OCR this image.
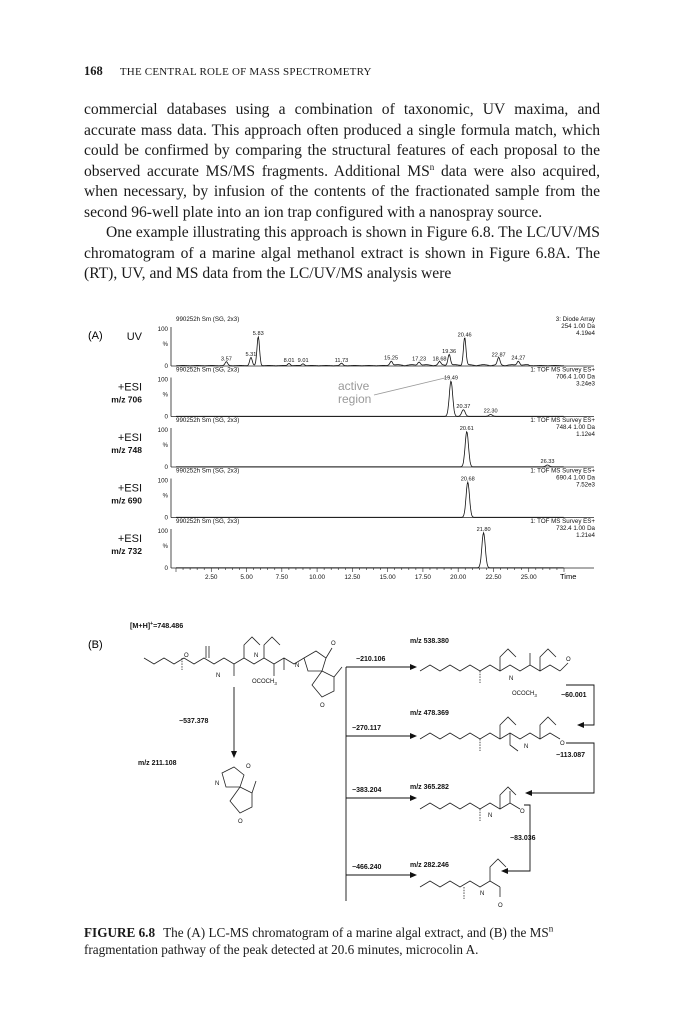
168 THE CENTRAL ROLE OF MASS SPECTROMETRY

commercial databases using a combination of taxonomic, UV maxima, and accurate mass data. This approach often produced a single formula match, which could be confirmed by comparing the structural features of each proposal to the observed accurate MS/MS fragments. Additional $MS^n$ data were also acquired, when necessary, by infusion of the contents of the fractionated sample from the second 96-well plate into an ion trap configured with a nanospray source.

One example illustrating this approach is shown in Figure 6.8. The LC/UV/MS chromatogram of a marine algal methanol extract is shown in Figure 6.8A. The (RT), UV, and MS data from the LC/UV/MS analysis were

(A)
(B)
990252h Sm (SG, 2x3)	3: Diode Array
254 1.00 Da
4.19e4
UV
100
%
0
3.57
5.31
5.83
8.01 9.01	11.73	15.25 17.23 18.68
19.36
20.46
22.87 24.27
990252h Sm (SG, 2x3)	1: TOF MS Survey ES+
706.4 1.00 Da
3.24e3
+ESI
m/z 706
100
%
0
19.49
20.37
22.30
990252h Sm (SG, 2x3)	1: TOF MS Survey ES+
748.4 1.00 Da
1.12e4
+ESI
m/z 748
100
%
0
20.61
26.33
990252h Sm (SG, 2x3)	1: TOF MS Survey ES+
690.4 1.00 Da
7.52e3
+ESI
m/z 690
100
%
0
20.68
990252h Sm (SG, 2x3)	1: TOF MS Survey ES+
732.4 1.00 Da
1.21e4
+ESI
m/z 732
100
%
0
21.80
active
region
2.50	5.00	7.50	10.00	12.50	15.00	17.50	20.00	22.50	25.00	Time
[M+H]+=748.486
O
N
N
N
O
O
$OCOCH_3$
−537.378
m/z 211.108	O
N
O
−210.106
−270.117
−383.204
−466.240
m/z 538.380
N
O
$OCOCH_3$	−60.001
−113.087
−83.036
m/z 478.369
N	O
m/z 365.282
N
O
m/z 282.246
N
O
FIGURE 6.8 The (A) LC-MS chromatogram of a marine algal extract, and (B) the $MS^n$ fragmentation pathway of the peak detected at 20.6 minutes, microcolin A.
